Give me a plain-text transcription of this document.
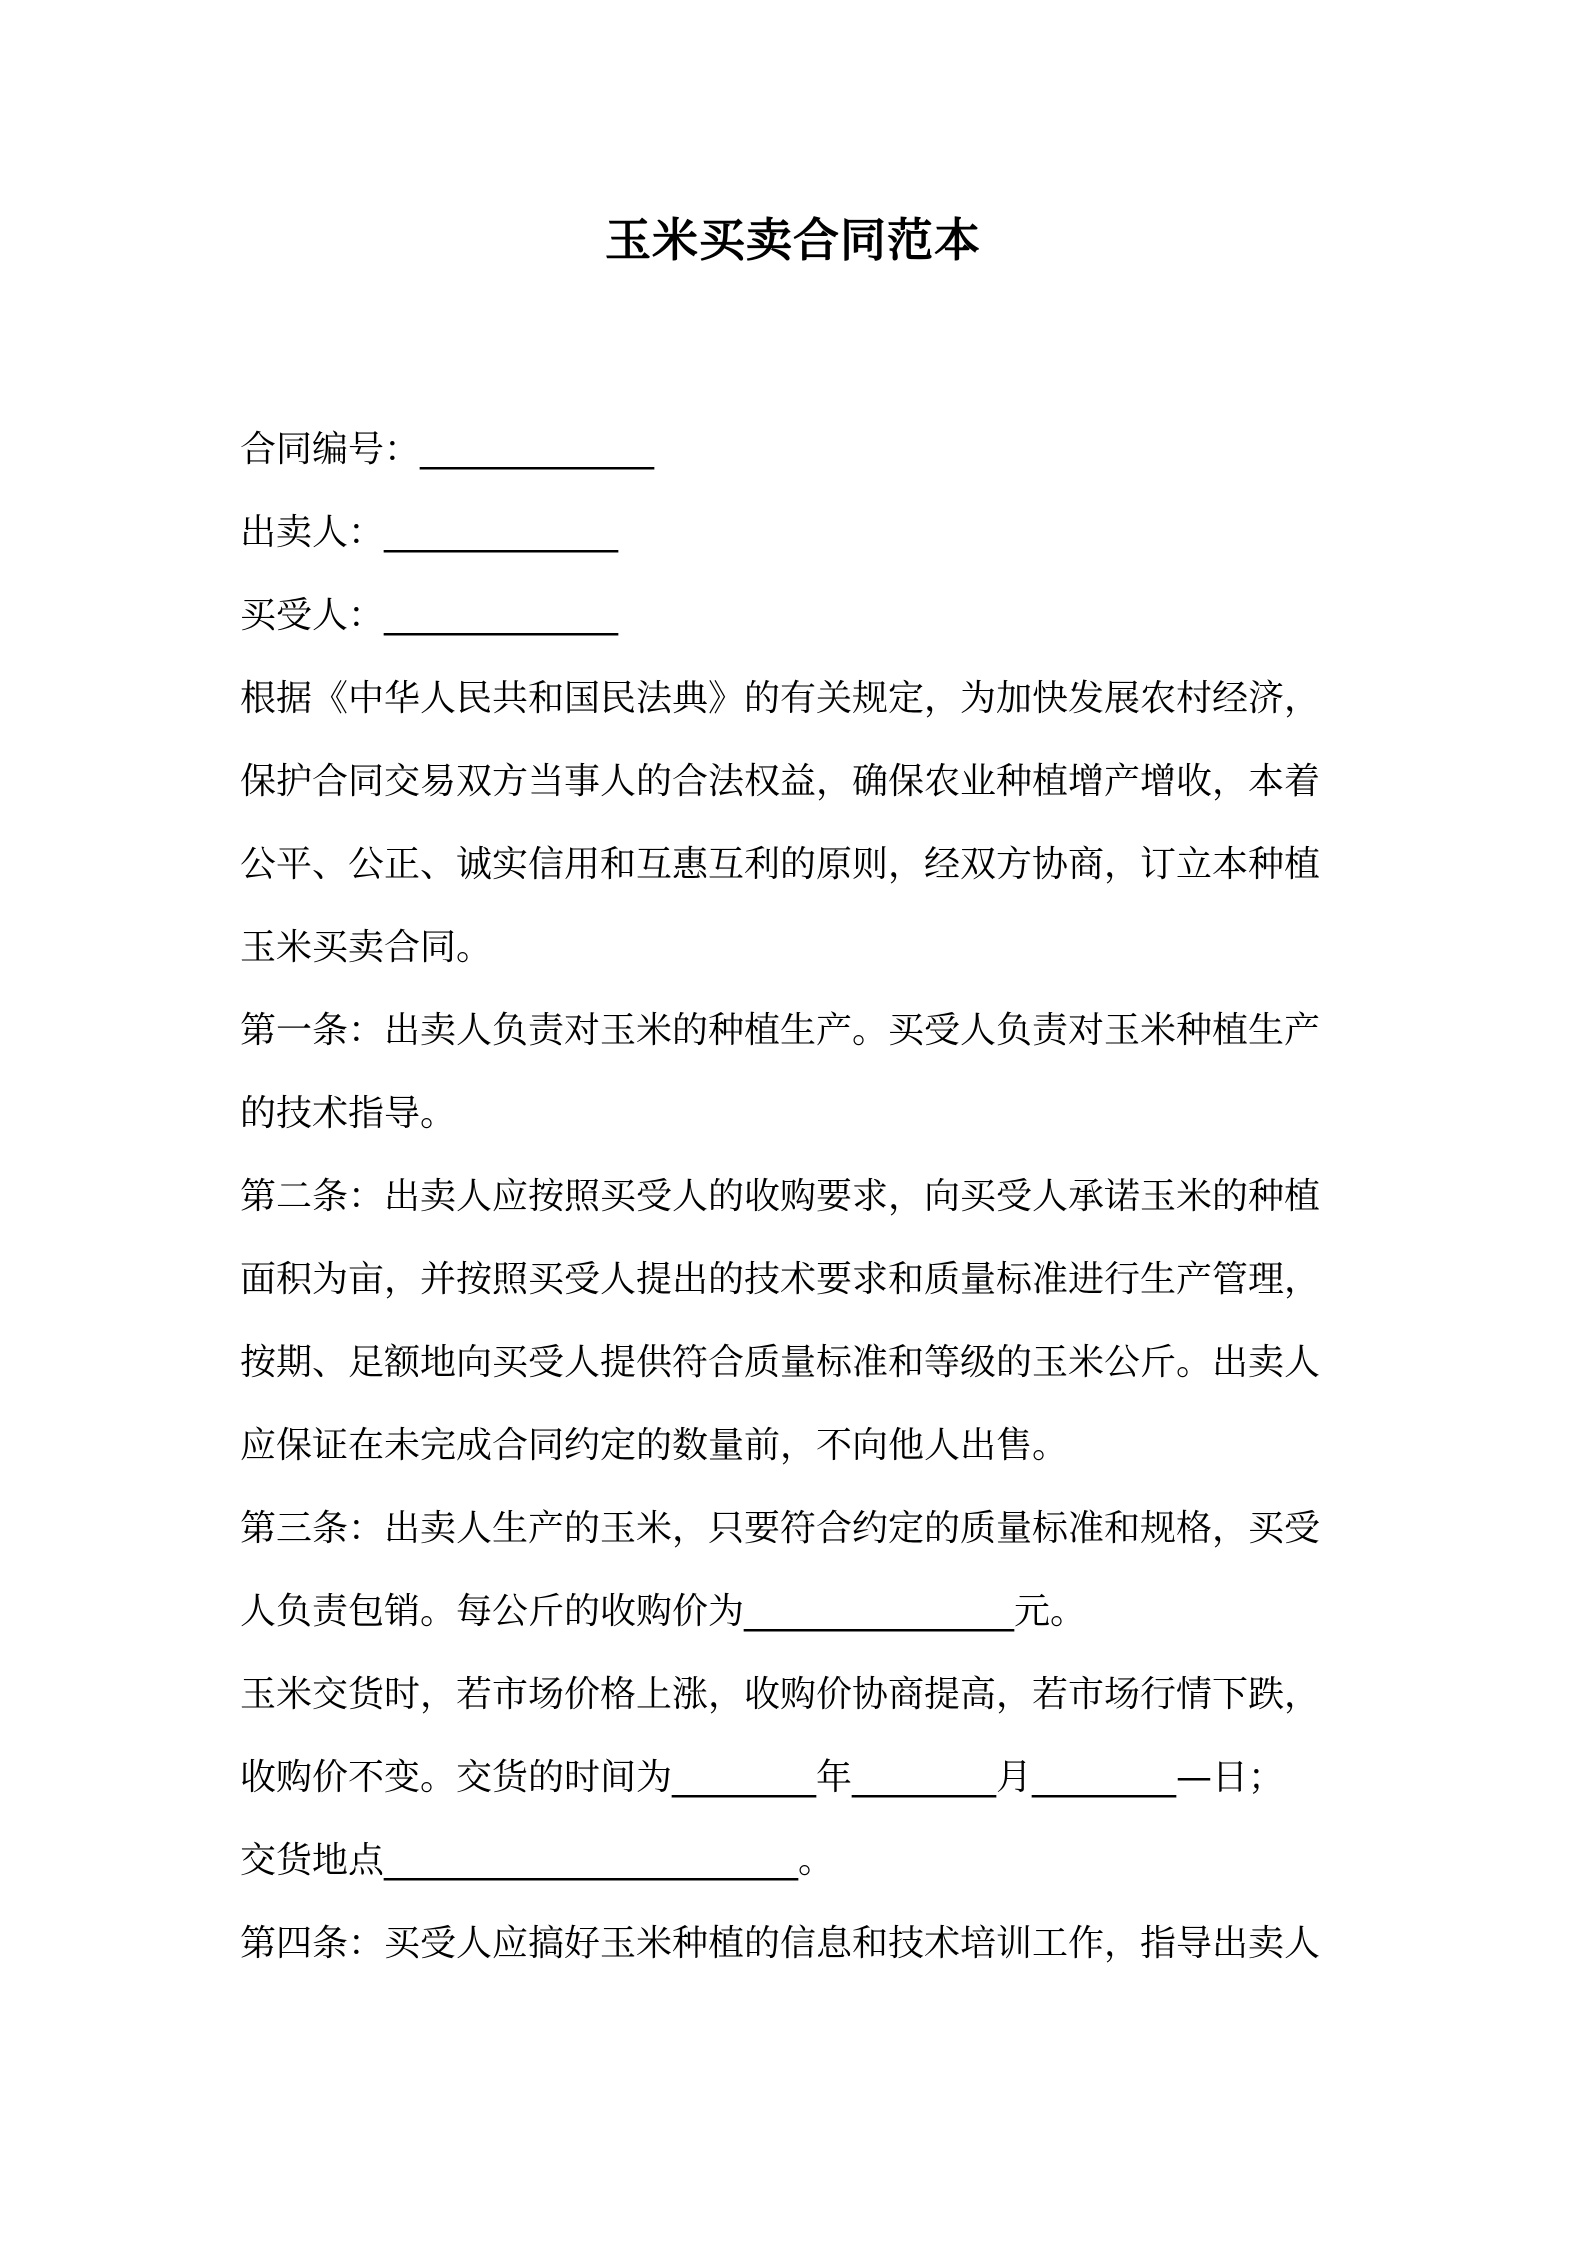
玉米买卖合同范本
合同编号：_____________
出卖人：_____________
买受人：_____________
根据《中华人民共和国民法典》的有关规定，为加快发展农村经济，
保护合同交易双方当事人的合法权益，确保农业种植增产增收，本着
公平、公正、诚实信用和互惠互利的原则，经双方协商，订立本种植
玉米买卖合同。
第一条：出卖人负责对玉米的种植生产。买受人负责对玉米种植生产
的技术指导。
第二条：出卖人应按照买受人的收购要求，向买受人承诺玉米的种植
面积为亩，并按照买受人提出的技术要求和质量标准进行生产管理，
按期、足额地向买受人提供符合质量标准和等级的玉米公斤。出卖人
应保证在未完成合同约定的数量前，不向他人出售。
第三条：出卖人生产的玉米，只要符合约定的质量标准和规格，买受
人负责包销。每公斤的收购价为_______________元。
玉米交货时，若市场价格上涨，收购价协商提高，若市场行情下跌，
收购价不变。交货的时间为________年________月________—日；
交货地点_______________________。
第四条：买受人应搞好玉米种植的信息和技术培训工作，指导出卖人
